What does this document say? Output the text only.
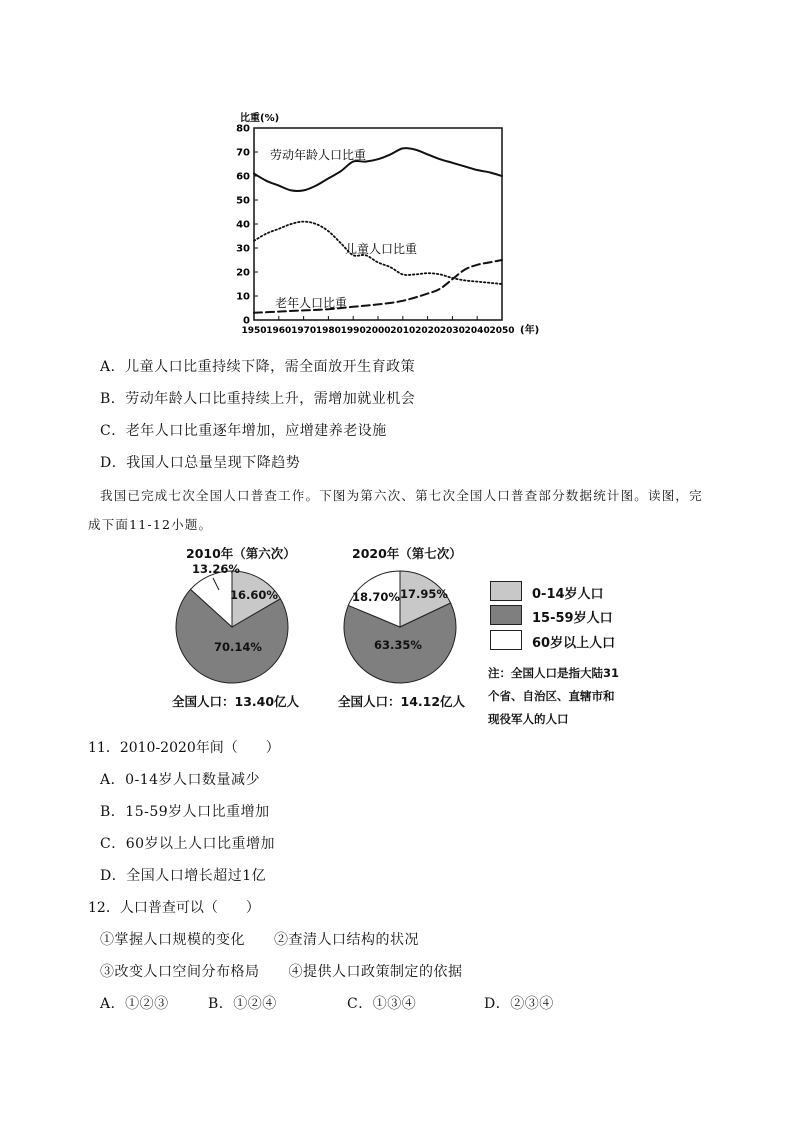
比重(%)
0
10
20
30
40
50
60
70
80
1950 1960 1970 1980 1990 2000 2010 2020 2030 2040 2050 (年)
劳动年龄人口比重
儿童人口比重
老年人口比重
A．儿童人口比重持续下降，需全面放开生育政策
B．劳动年龄人口比重持续上升，需增加就业机会
C．老年人口比重逐年增加，应增建养老设施
D．我国人口总量呈现下降趋势
我国已完成七次全国人口普查工作。下图为第六次、第七次全国人口普查部分数据统计图。读图，完
成下面11-12小题。
2010年（第六次）	2020年（第七次）
16.60%
70.14%
13.26%
17.95%
63.35%
18.70%
全国人口：13.40亿人	全国人口：14.12亿人
0-14岁人口
15-59岁人口
60岁以上人口
注：全国人口是指大陆31
个省、自治区、直辖市和
现役军人的人口
11．2010-2020年间（　　）
A．0-14岁人口数量减少
B．15-59岁人口比重增加
C．60岁以上人口比重增加
D．全国人口增长超过1亿
12．人口普查可以（　　）
①掌握人口规模的变化　　②查清人口结构的状况
③改变人口空间分布格局　　④提供人口政策制定的依据
A．①②③	B．①②④	C．①③④	D．②③④
